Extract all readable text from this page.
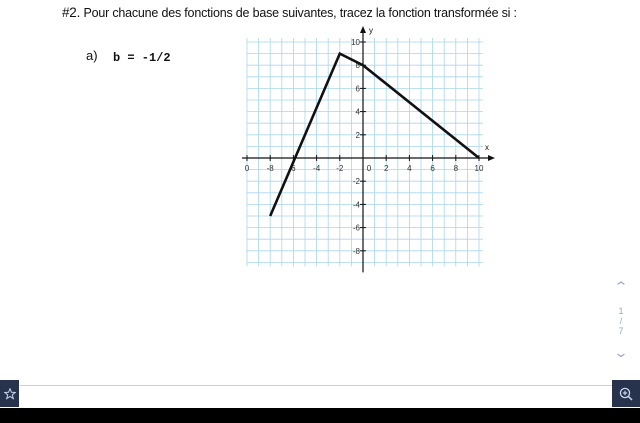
#2. Pour chacune des fonctions de base suivantes, tracez la fonction transformée si :
a) b = -1/2
x
y
0 -8 6 -4 -2	0 2 4 6 8 10
10
8
6
4
2
-2
-4
-6
-8
⌃
1
/
7
⌄
